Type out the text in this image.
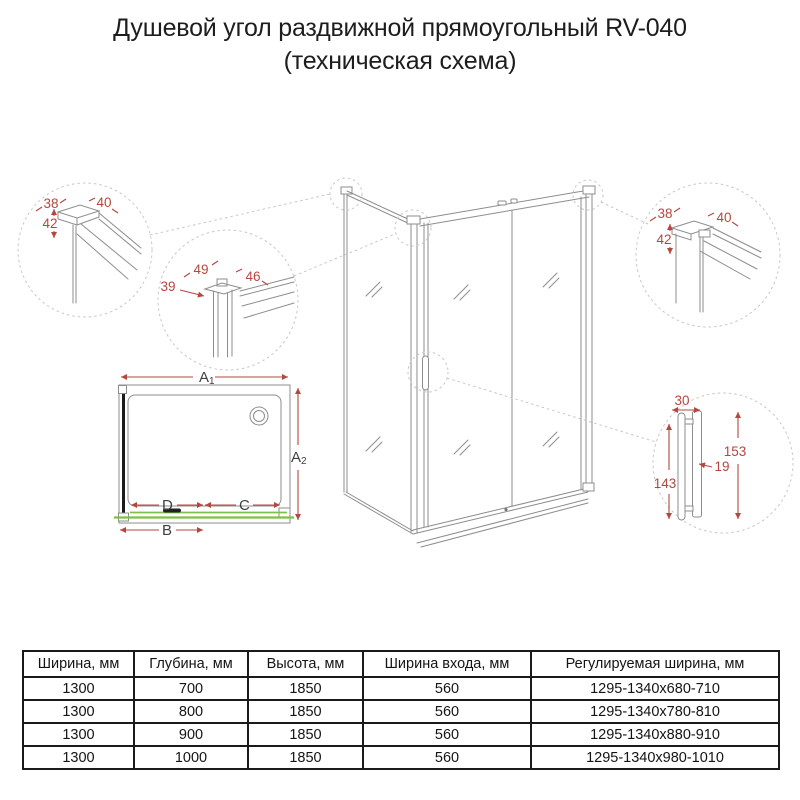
Душевой угол раздвижной прямоугольный RV-040
(техническая схема)
38	40
42
49	46
39
38	40
42
30
153
143
19
A 1
A 2
D	C
B
Ширина, мм	Глубина, мм	Высота, мм	Ширина входа, мм	Регулируемая ширина, мм
1300	700	1850	560	1295-1340x680-710
1300	800	1850	560	1295-1340x780-810
1300	900	1850	560	1295-1340x880-910
1300	1000	1850	560	1295-1340x980-1010
